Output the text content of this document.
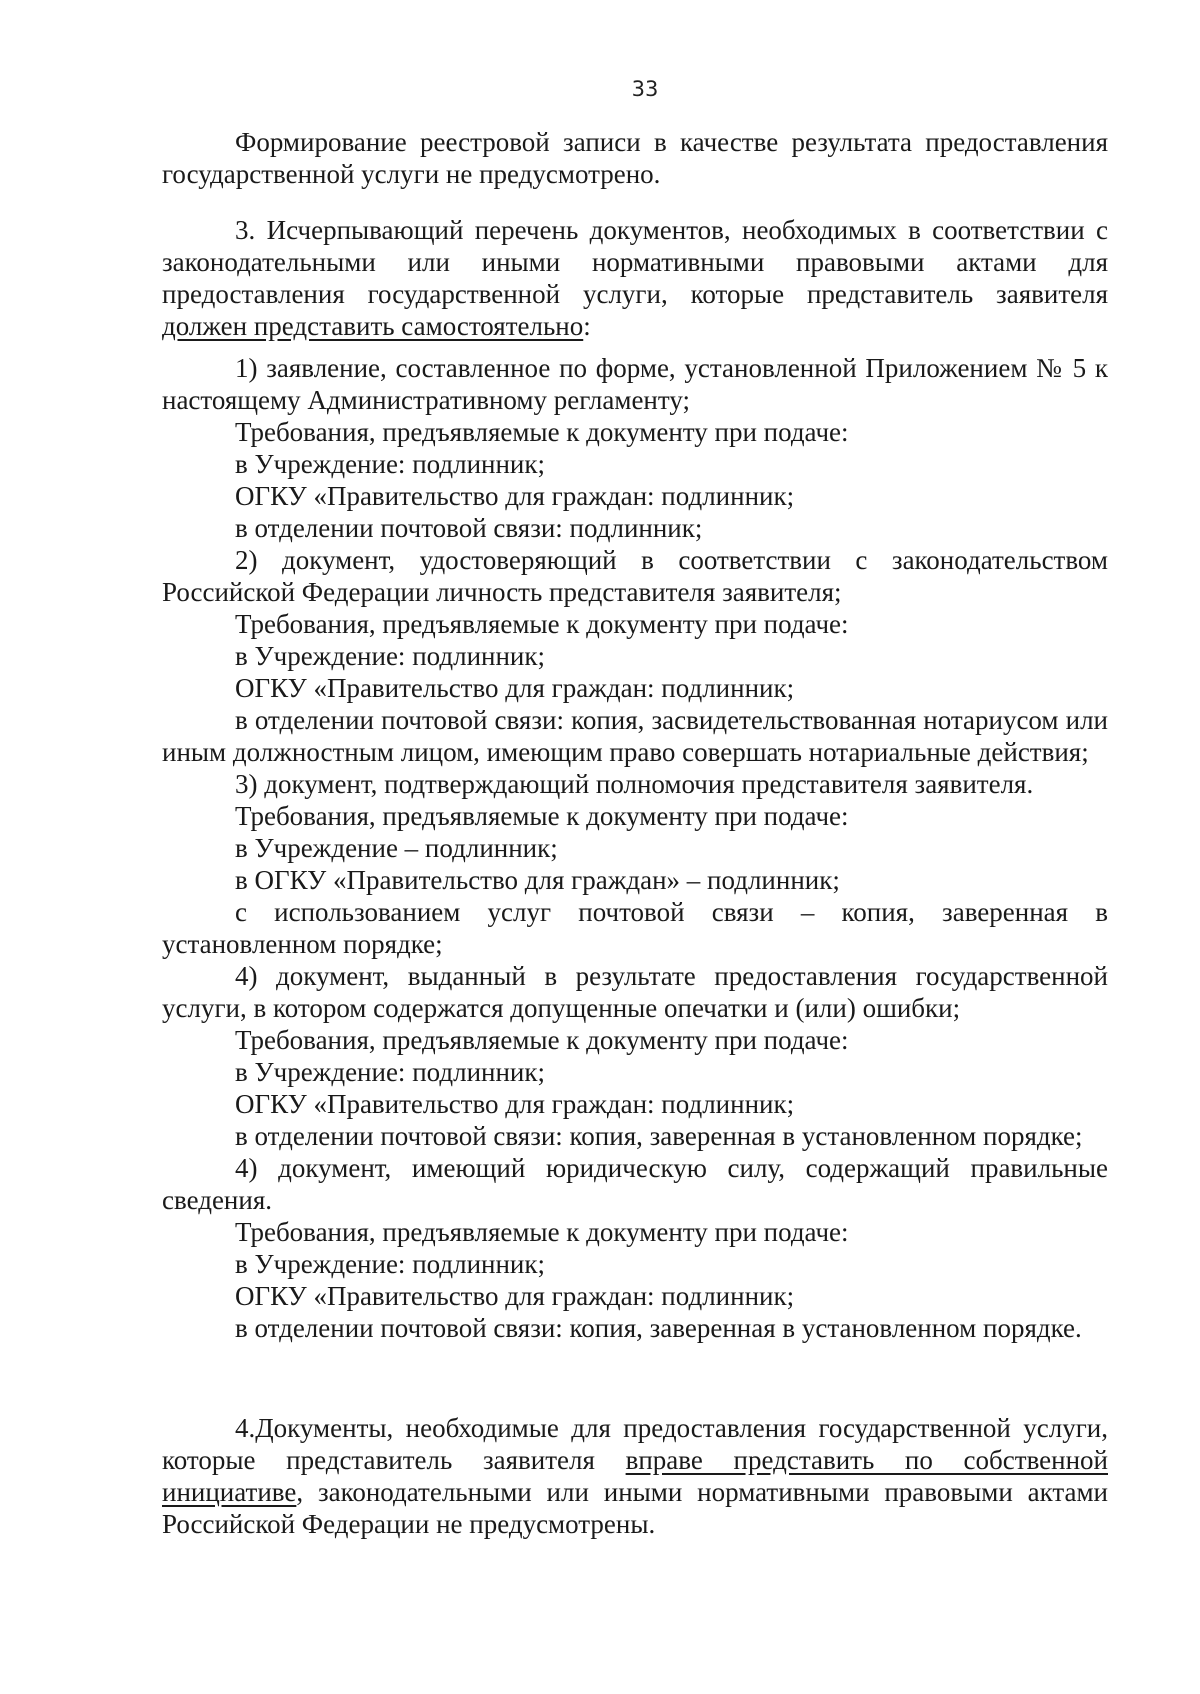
33

Формирование реестровой записи в качестве результата предоставления государственной услуги не предусмотрено.

3. Исчерпывающий перечень документов, необходимых в соответствии с законодательными или иными нормативными правовыми актами для предоставления государственной услуги, которые представитель заявителя должен представить самостоятельно:

1) заявление, составленное по форме, установленной Приложением № 5 к настоящему Административному регламенту;

Требования, предъявляемые к документу при подаче:

в Учреждение: подлинник;

ОГКУ «Правительство для граждан: подлинник;

в отделении почтовой связи: подлинник;

2) документ, удостоверяющий в соответствии с законодательством Российской Федерации личность представителя заявителя;

Требования, предъявляемые к документу при подаче:

в Учреждение: подлинник;

ОГКУ «Правительство для граждан: подлинник;

в отделении почтовой связи: копия, засвидетельствованная нотариусом или иным должностным лицом, имеющим право совершать нотариальные действия;

3) документ, подтверждающий полномочия представителя заявителя.

Требования, предъявляемые к документу при подаче:

в Учреждение – подлинник;

в ОГКУ «Правительство для граждан» – подлинник;

с использованием услуг почтовой связи – копия, заверенная в установленном порядке;

4) документ, выданный в результате предоставления государственной услуги, в котором содержатся допущенные опечатки и (или) ошибки;

Требования, предъявляемые к документу при подаче:

в Учреждение: подлинник;

ОГКУ «Правительство для граждан: подлинник;

в отделении почтовой связи: копия, заверенная в установленном порядке;

4) документ, имеющий юридическую силу, содержащий правильные сведения.

Требования, предъявляемые к документу при подаче:

в Учреждение: подлинник;

ОГКУ «Правительство для граждан: подлинник;

в отделении почтовой связи: копия, заверенная в установленном порядке.

4.Документы, необходимые для предоставления государственной услуги, которые представитель заявителя вправе представить по собственной инициативе, законодательными или иными нормативными правовыми актами Российской Федерации не предусмотрены.
